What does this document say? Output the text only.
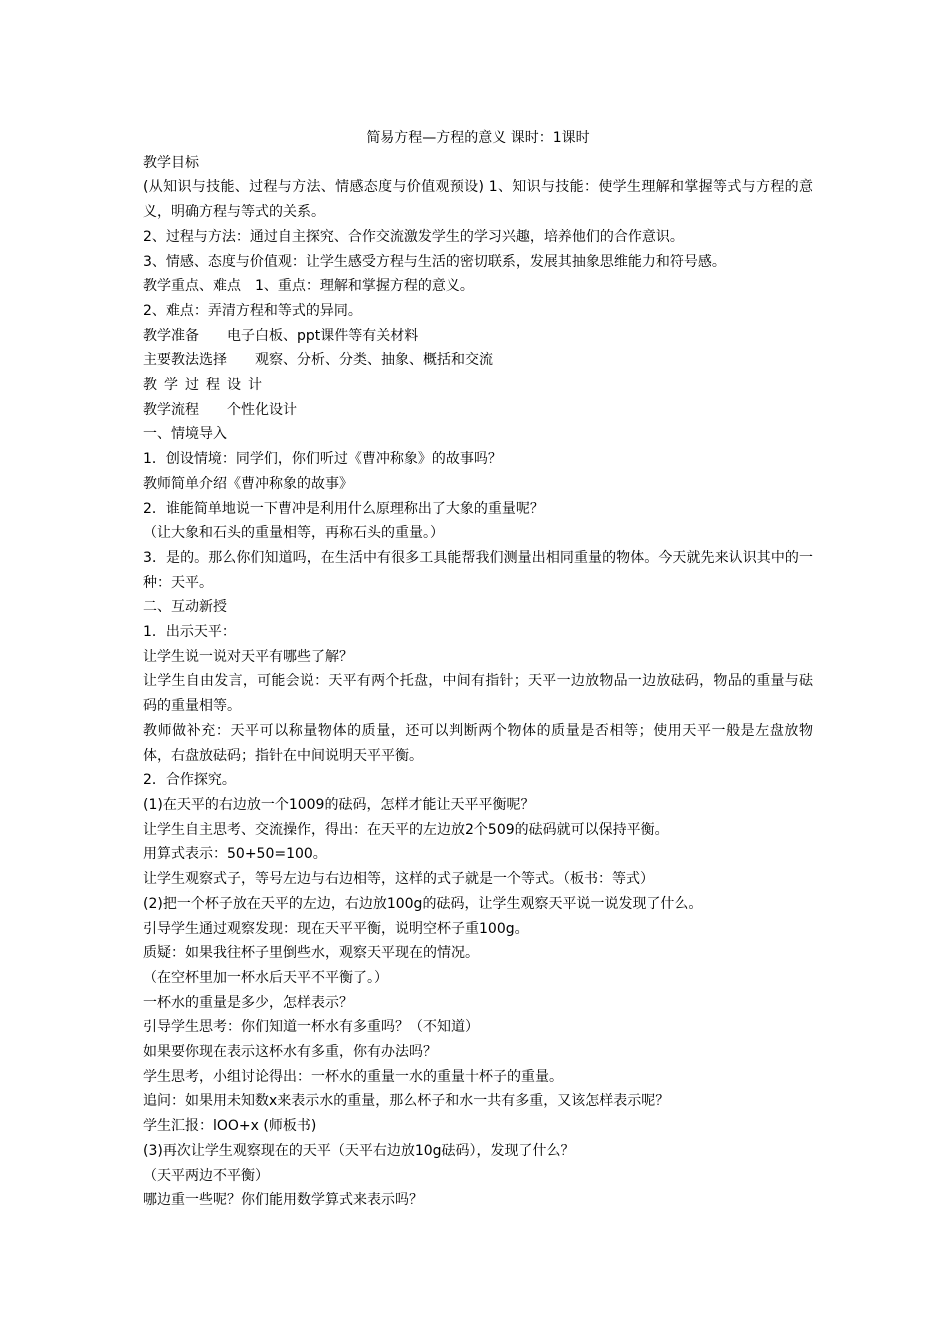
简易方程—方程的意义 课时：1课时

教学目标

(从知识与技能、过程与方法、情感态度与价值观预设) 1、知识与技能：使学生理解和掌握等式与方程的意义，明确方程与等式的关系。

2、过程与方法：通过自主探究、合作交流激发学生的学习兴趣，培养他们的合作意识。

3、情感、态度与价值观：让学生感受方程与生活的密切联系，发展其抽象思维能力和符号感。

教学重点、难点　1、重点：理解和掌握方程的意义。

2、难点：弄清方程和等式的异同。

教学准备　　电子白板、ppt课件等有关材料

主要教法选择　　观察、分析、分类、抽象、概括和交流

教学过程设计

教学流程　　个性化设计

一、情境导入

1．创设情境：同学们，你们听过《曹冲称象》的故事吗？

教师简单介绍《曹冲称象的故事》

2．谁能简单地说一下曹冲是利用什么原理称出了大象的重量呢？

（让大象和石头的重量相等，再称石头的重量。）

3．是的。那么你们知道吗，在生活中有很多工具能帮我们测量出相同重量的物体。今天就先来认识其中的一种：天平。

二、互动新授

1．出示天平：

让学生说一说对天平有哪些了解？

让学生自由发言，可能会说：天平有两个托盘，中间有指针；天平一边放物品一边放砝码，物品的重量与砝码的重量相等。

教师做补充：天平可以称量物体的质量，还可以判断两个物体的质量是否相等；使用天平一般是左盘放物体，右盘放砝码；指针在中间说明天平平衡。

2．合作探究。

(1)在天平的右边放一个1009的砝码，怎样才能让天平平衡呢？

让学生自主思考、交流操作，得出：在天平的左边放2个509的砝码就可以保持平衡。

用算式表示：50+50=100。

让学生观察式子，等号左边与右边相等，这样的式子就是一个等式。（板书：等式）

(2)把一个杯子放在天平的左边，右边放100g的砝码，让学生观察天平说一说发现了什么。

引导学生通过观察发现：现在天平平衡，说明空杯子重100g。

质疑：如果我往杯子里倒些水，观察天平现在的情况。

（在空杯里加一杯水后天平不平衡了。）

一杯水的重量是多少，怎样表示？

引导学生思考：你们知道一杯水有多重吗？（不知道）

如果要你现在表示这杯水有多重，你有办法吗？

学生思考，小组讨论得出：一杯水的重量一水的重量十杯子的重量。

追问：如果用未知数x来表示水的重量，那么杯子和水一共有多重，又该怎样表示呢？

学生汇报：lOO+x (师板书)

(3)再次让学生观察现在的天平（天平右边放10g砝码），发现了什么？

（天平两边不平衡）

哪边重一些呢？你们能用数学算式来表示吗？
